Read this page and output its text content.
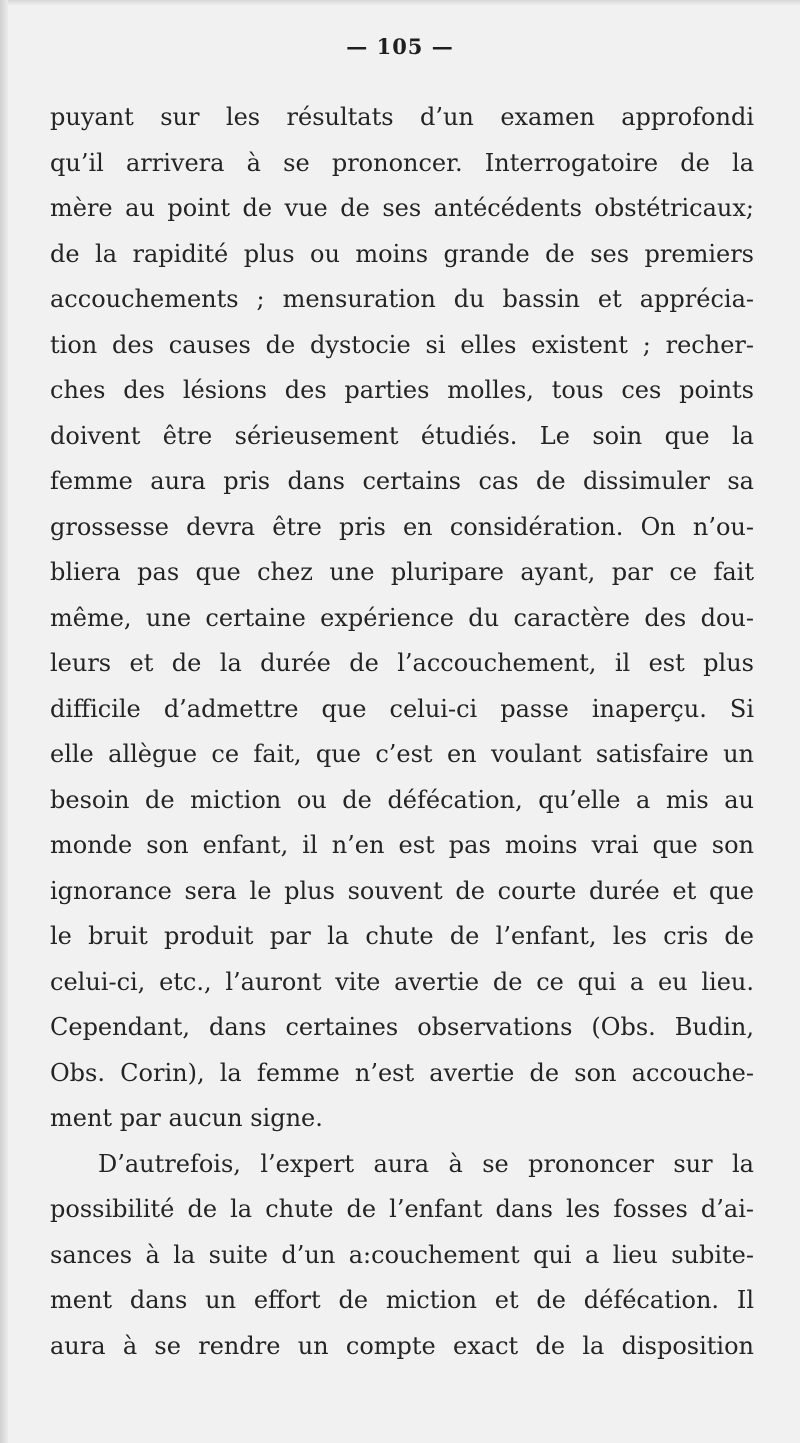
— 105 —
puyant sur les résultats d’un examen approfondi
qu’il arrivera à se prononcer. Interrogatoire de la
mère au point de vue de ses antécédents obstétricaux;
de la rapidité plus ou moins grande de ses premiers
accouchements ; mensuration du bassin et apprécia-
tion des causes de dystocie si elles existent ; recher-
ches des lésions des parties molles, tous ces points
doivent être sérieusement étudiés. Le soin que la
femme aura pris dans certains cas de dissimuler sa
grossesse devra être pris en considération. On n’ou-
bliera pas que chez une pluripare ayant, par ce fait
même, une certaine expérience du caractère des dou-
leurs et de la durée de l’accouchement, il est plus
difficile d’admettre que celui-ci passe inaperçu. Si
elle allègue ce fait, que c’est en voulant satisfaire un
besoin de miction ou de défécation, qu’elle a mis au
monde son enfant, il n’en est pas moins vrai que son
ignorance sera le plus souvent de courte durée et que
le bruit produit par la chute de l’enfant, les cris de
celui-ci, etc., l’auront vite avertie de ce qui a eu lieu.
Cependant, dans certaines observations (Obs. Budin,
Obs. Corin), la femme n’est avertie de son accouche-
ment par aucun signe.
D’autrefois, l’expert aura à se prononcer sur la
possibilité de la chute de l’enfant dans les fosses d’ai-
sances à la suite d’un a:couchement qui a lieu subite-
ment dans un effort de miction et de défécation. Il
aura à se rendre un compte exact de la disposition
